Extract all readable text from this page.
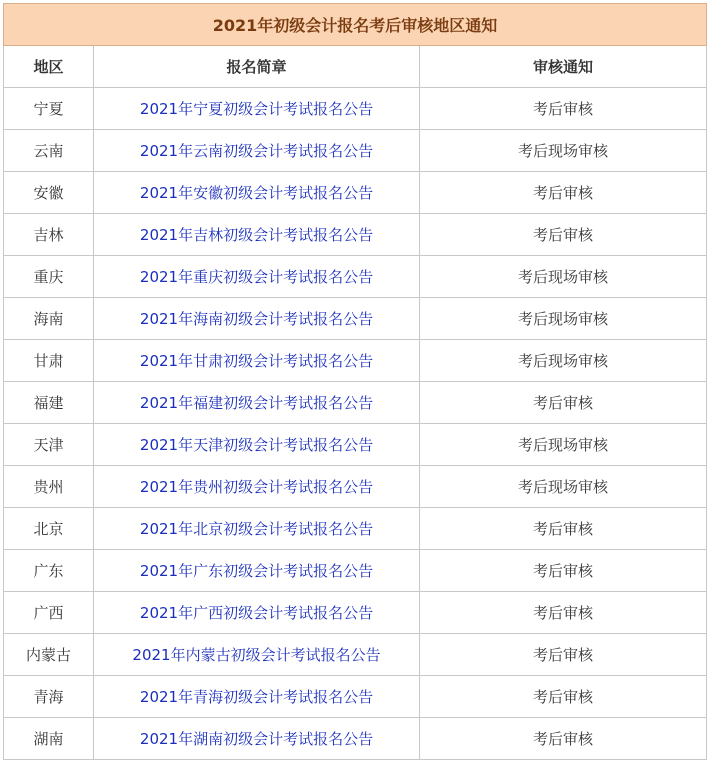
2021年初级会计报名考后审核地区通知		
地区	报名简章	审核通知
宁夏	2021年宁夏初级会计考试报名公告	考后审核
云南	2021年云南初级会计考试报名公告	考后现场审核
安徽	2021年安徽初级会计考试报名公告	考后审核
吉林	2021年吉林初级会计考试报名公告	考后审核
重庆	2021年重庆初级会计考试报名公告	考后现场审核
海南	2021年海南初级会计考试报名公告	考后现场审核
甘肃	2021年甘肃初级会计考试报名公告	考后现场审核
福建	2021年福建初级会计考试报名公告	考后审核
天津	2021年天津初级会计考试报名公告	考后现场审核
贵州	2021年贵州初级会计考试报名公告	考后现场审核
北京	2021年北京初级会计考试报名公告	考后审核
广东	2021年广东初级会计考试报名公告	考后审核
广西	2021年广西初级会计考试报名公告	考后审核
内蒙古	2021年内蒙古初级会计考试报名公告	考后审核
青海	2021年青海初级会计考试报名公告	考后审核
湖南	2021年湖南初级会计考试报名公告	考后审核
